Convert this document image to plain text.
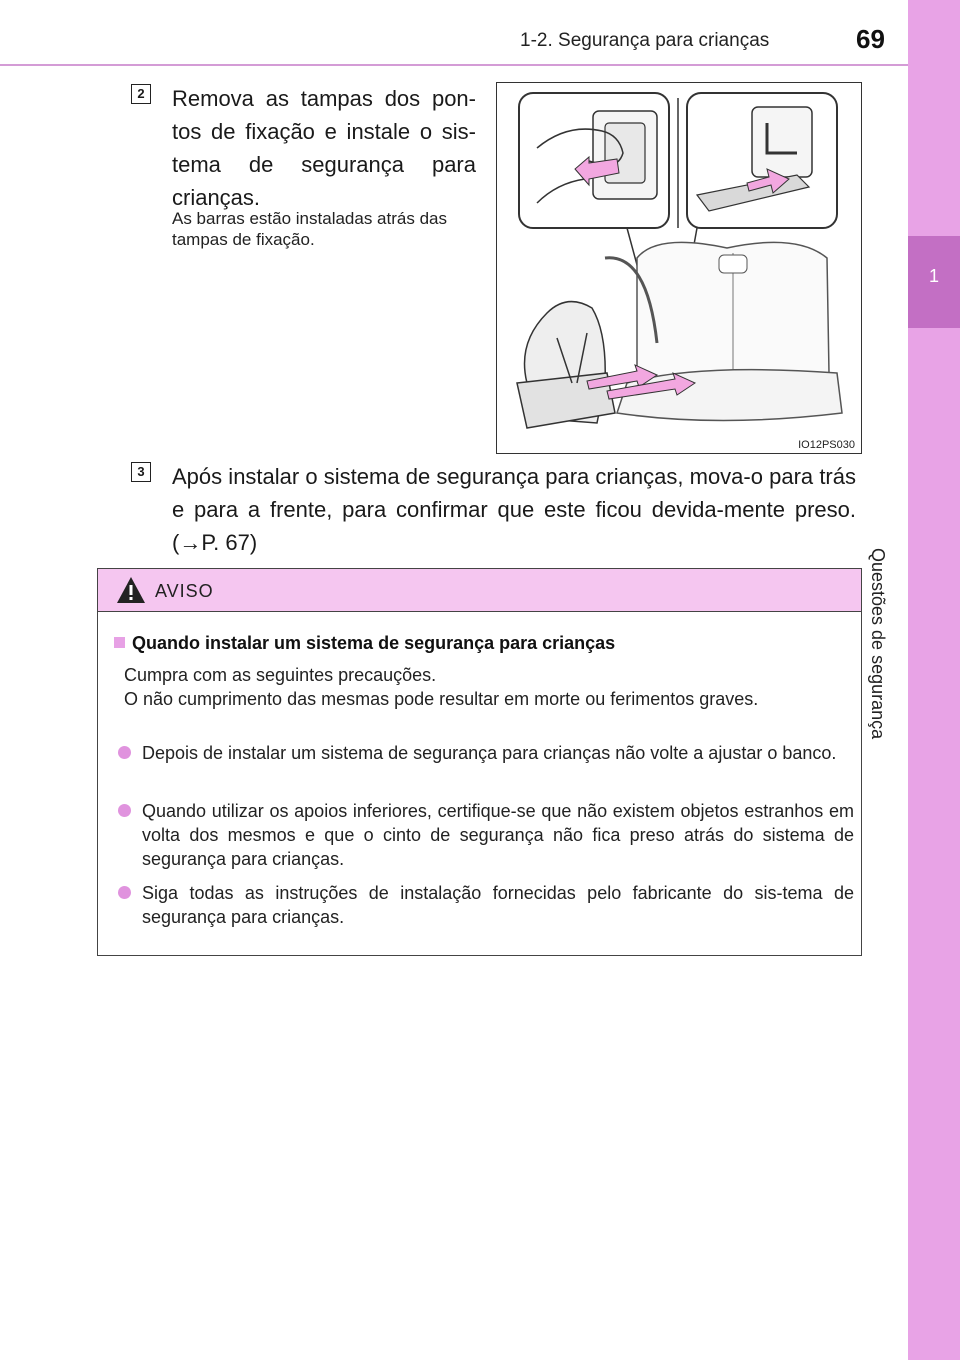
1-2. Segurança para crianças	69
1
Questões de segurança
2 Remova as tampas dos pon-tos de fixação e instale o sis-tema de segurança para crianças.
As barras estão instaladas atrás das tampas de fixação.
IO12PS030
3 Após instalar o sistema de segurança para crianças, mova-o para trás e para a frente, para confirmar que este ficou devida-mente preso. (→P. 67)
AVISO
Quando instalar um sistema de segurança para crianças
Cumpra com as seguintes precauções.
O não cumprimento das mesmas pode resultar em morte ou ferimentos graves.
Depois de instalar um sistema de segurança para crianças não volte a ajustar o banco.
Quando utilizar os apoios inferiores, certifique-se que não existem objetos estranhos em volta dos mesmos e que o cinto de segurança não fica preso atrás do sistema de segurança para crianças.
Siga todas as instruções de instalação fornecidas pelo fabricante do sis-tema de segurança para crianças.
